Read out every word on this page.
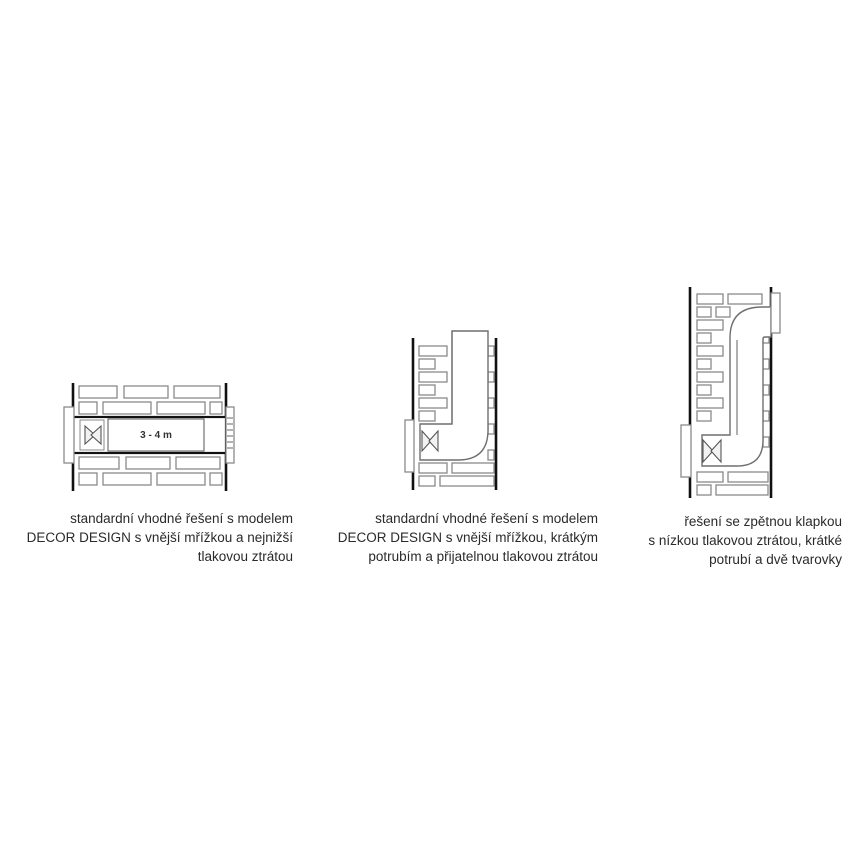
3 - 4 m
standardní vhodné řešení s modelem
DECOR DESIGN s vnější mřížkou a nejnižší
tlakovou ztrátou
standardní vhodné řešení s modelem
DECOR DESIGN s vnější mřížkou, krátkým
potrubím a přijatelnou tlakovou ztrátou
řešení se zpětnou klapkou
s nízkou tlakovou ztrátou, krátké
potrubí a dvě tvarovky
